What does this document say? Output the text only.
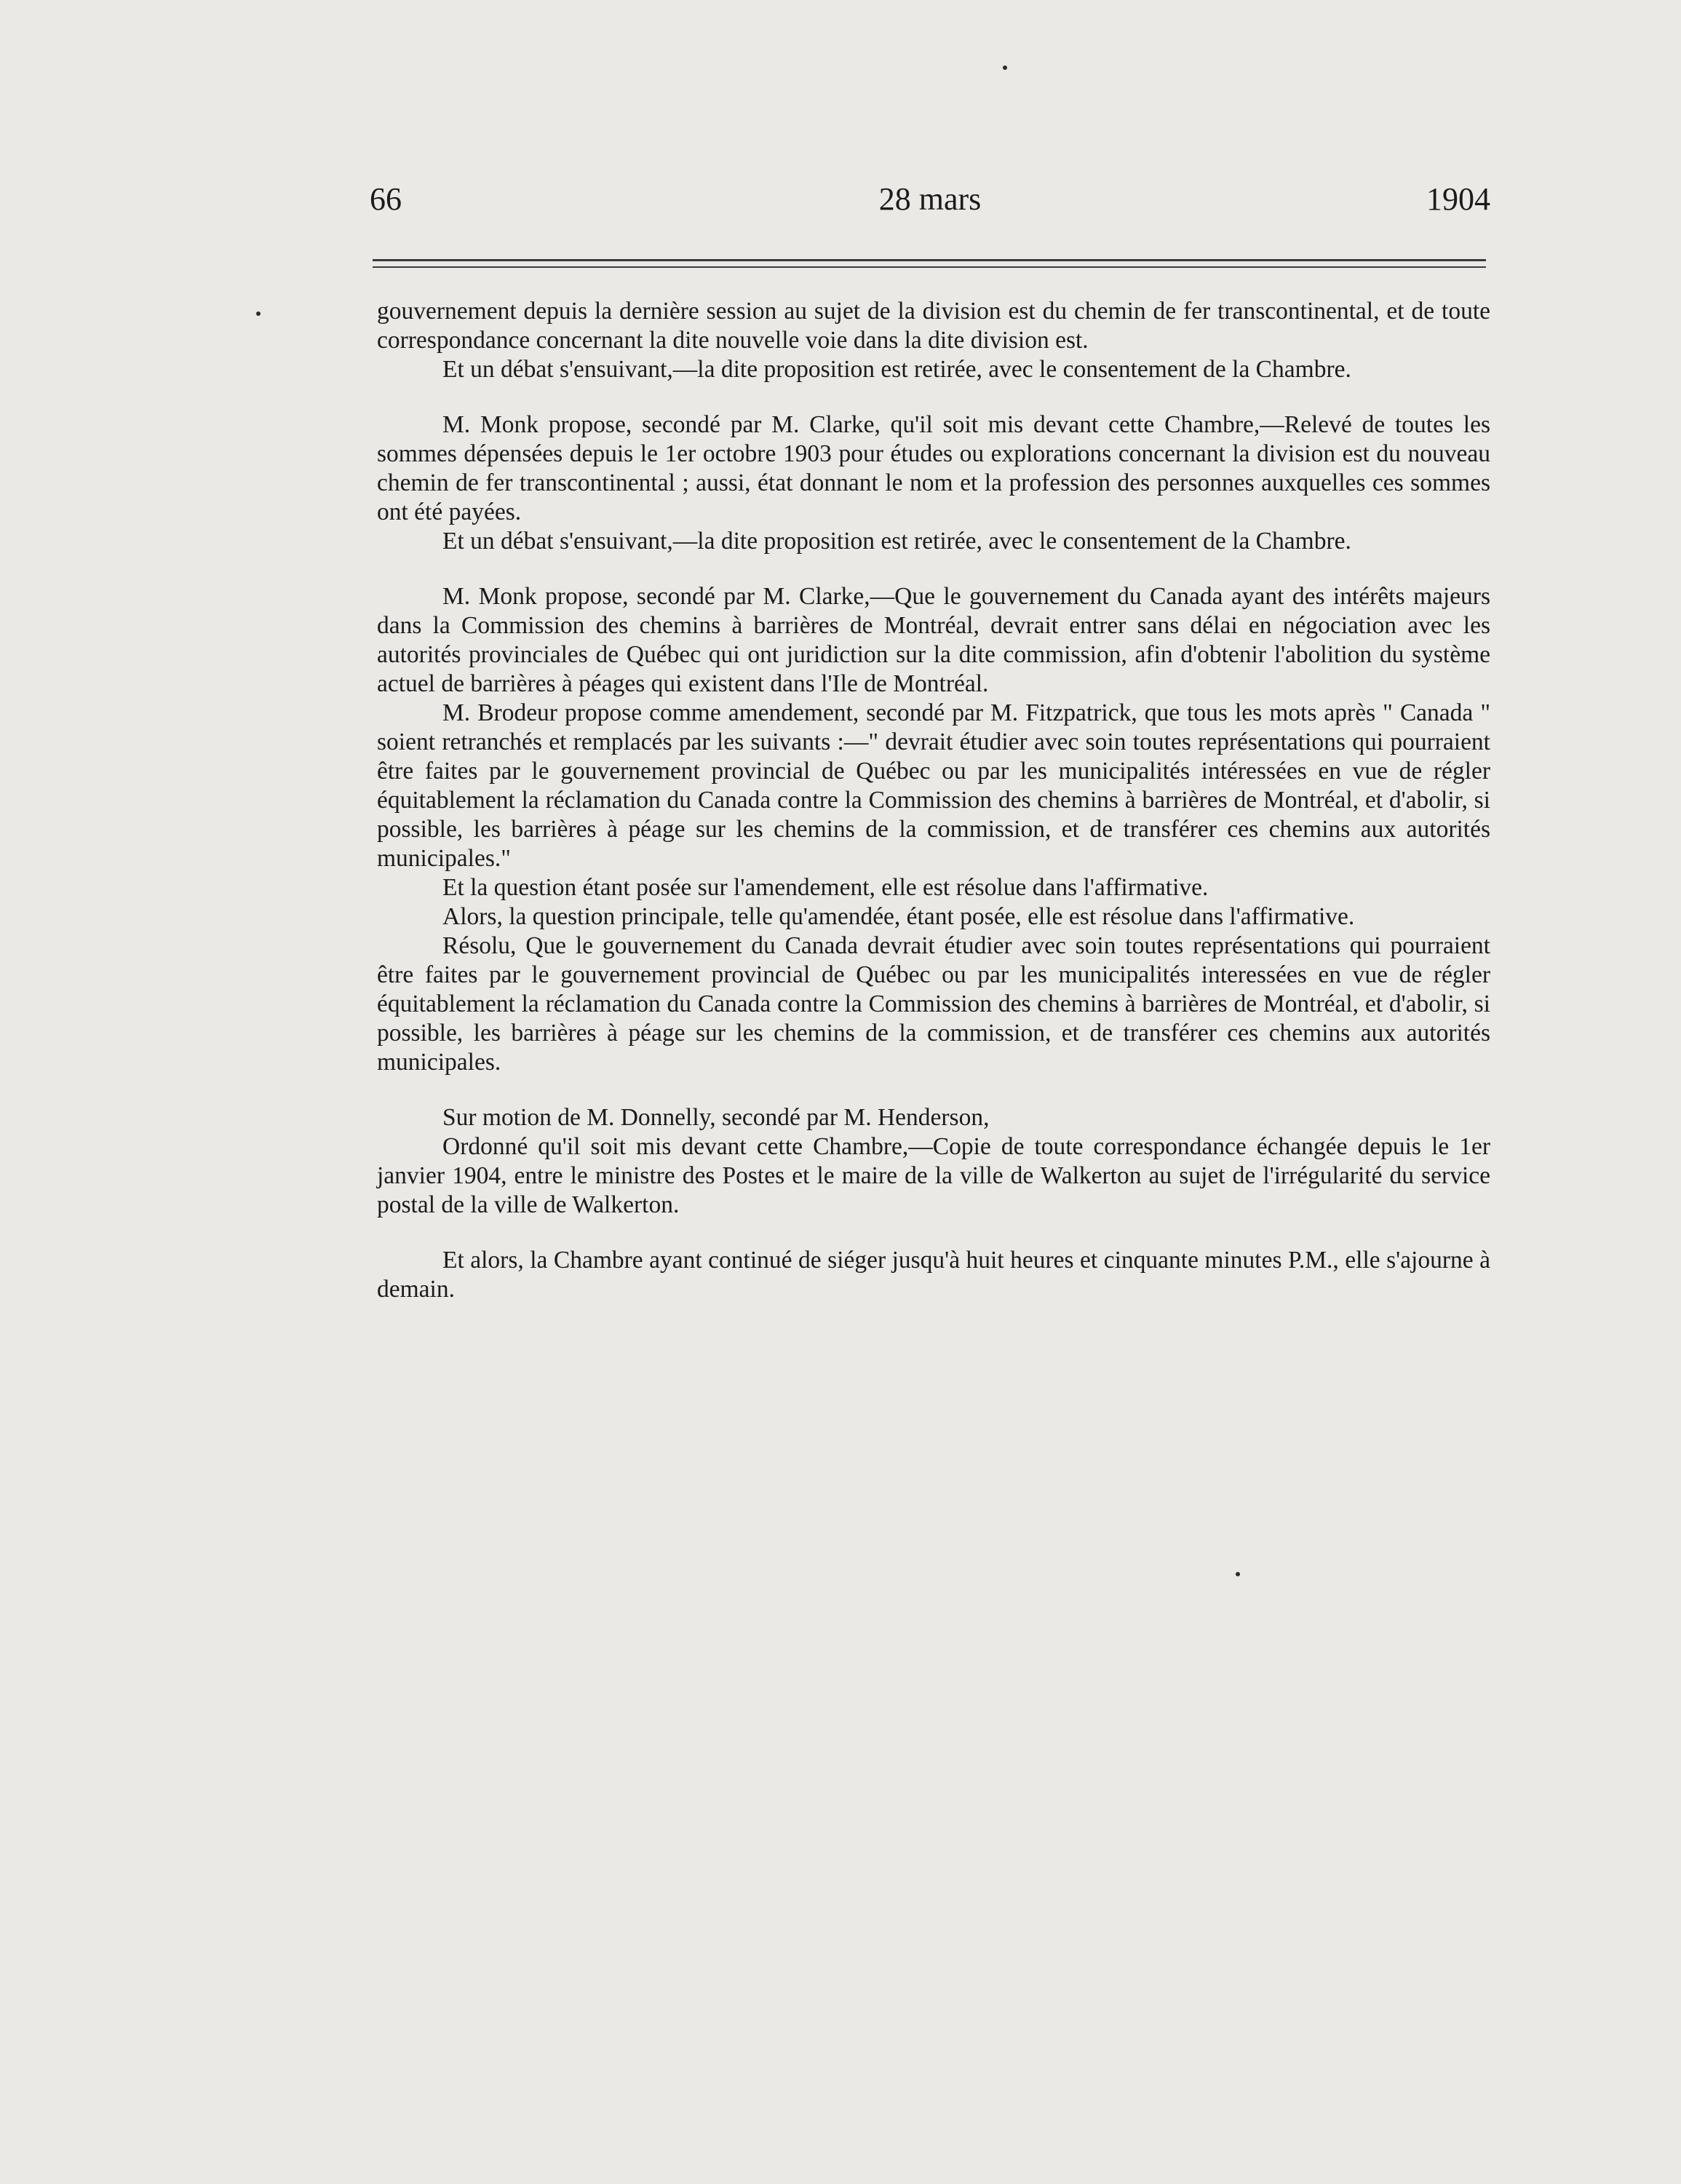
66	28 mars	1904

gouvernement depuis la dernière session au sujet de la division est du chemin de fer transcontinental, et de toute correspondance concernant la dite nouvelle voie dans la dite division est.

Et un débat s'ensuivant,—la dite proposition est retirée, avec le consentement de la Chambre.

M. Monk propose, secondé par M. Clarke, qu'il soit mis devant cette Chambre,—Relevé de toutes les sommes dépensées depuis le 1er octobre 1903 pour études ou explorations concernant la division est du nouveau chemin de fer transcontinental ; aussi, état donnant le nom et la profession des personnes auxquelles ces sommes ont été payées.

Et un débat s'ensuivant,—la dite proposition est retirée, avec le consentement de la Chambre.

M. Monk propose, secondé par M. Clarke,—Que le gouvernement du Canada ayant des intérêts majeurs dans la Commission des chemins à barrières de Montréal, devrait entrer sans délai en négociation avec les autorités provinciales de Québec qui ont juridiction sur la dite commission, afin d'obtenir l'abolition du système actuel de barrières à péages qui existent dans l'Ile de Montréal.

M. Brodeur propose comme amendement, secondé par M. Fitzpatrick, que tous les mots après " Canada " soient retranchés et remplacés par les suivants :—" devrait étudier avec soin toutes représentations qui pourraient être faites par le gouvernement provincial de Québec ou par les municipalités intéressées en vue de régler équitablement la réclamation du Canada contre la Commission des chemins à barrières de Montréal, et d'abolir, si possible, les barrières à péage sur les chemins de la commission, et de transférer ces chemins aux autorités municipales."

Et la question étant posée sur l'amendement, elle est résolue dans l'affirmative.

Alors, la question principale, telle qu'amendée, étant posée, elle est résolue dans l'affirmative.

Résolu, Que le gouvernement du Canada devrait étudier avec soin toutes représentations qui pourraient être faites par le gouvernement provincial de Québec ou par les municipalités interessées en vue de régler équitablement la réclamation du Canada contre la Commission des chemins à barrières de Montréal, et d'abolir, si possible, les barrières à péage sur les chemins de la commission, et de transférer ces chemins aux autorités municipales.

Sur motion de M. Donnelly, secondé par M. Henderson,

Ordonné qu'il soit mis devant cette Chambre,—Copie de toute correspondance échangée depuis le 1er janvier 1904, entre le ministre des Postes et le maire de la ville de Walkerton au sujet de l'irrégularité du service postal de la ville de Walkerton.

Et alors, la Chambre ayant continué de siéger jusqu'à huit heures et cinquante minutes P.M., elle s'ajourne à demain.
